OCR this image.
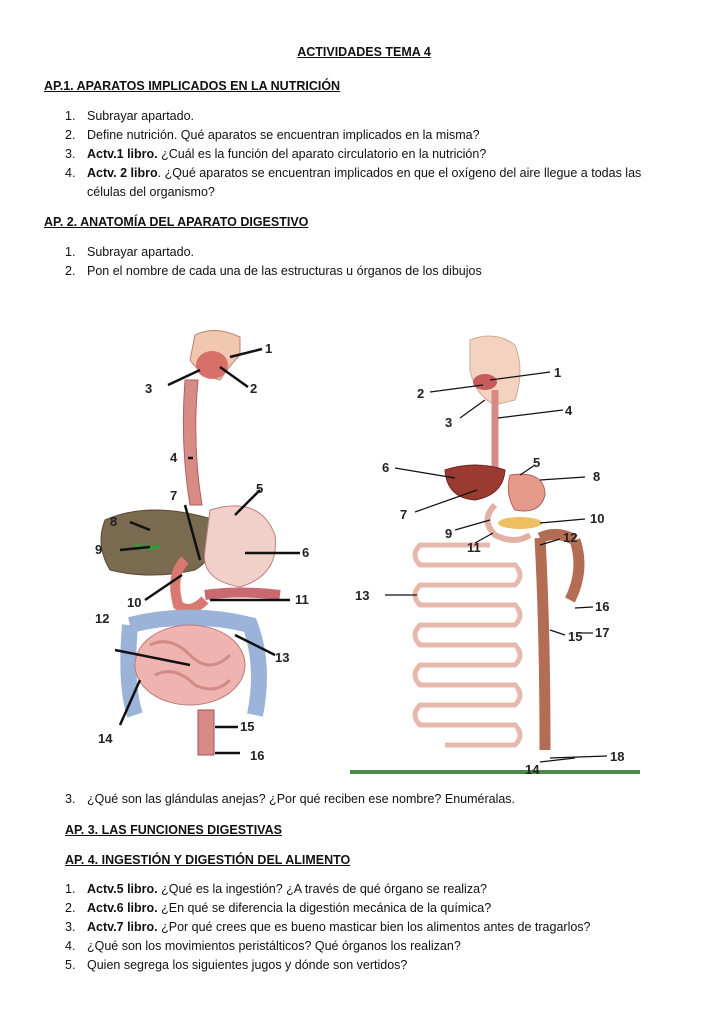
ACTIVIDADES TEMA 4
AP.1. APARATOS IMPLICADOS EN LA NUTRICIÓN
1. Subrayar apartado.
2. Define nutrición. Qué aparatos se encuentran implicados en la misma?
3. Actv.1 libro. ¿Cuál es la función del aparato circulatorio en la nutrición?
4. Actv. 2 libro. ¿Qué aparatos se encuentran implicados en que el oxígeno del aire llegue a todas las células del organismo?
AP. 2. ANATOMÍA DEL APARATO DIGESTIVO
1. Subrayar apartado.
2. Pon el nombre de cada una de las estructuras u órganos de los dibujos
1
2
3
4
5
6
7
8
9
10	11
12
13
14
15
16
1
2
3
4
5
6
7
8
9
10
11
12
13
14
15
16
17
18
3. ¿Qué son las glándulas anejas? ¿Por qué reciben ese nombre? Enuméralas.
AP. 3. LAS FUNCIONES DIGESTIVAS
AP. 4. INGESTIÓN Y DIGESTIÓN DEL ALIMENTO
1. Actv.5 libro. ¿Qué es la ingestión? ¿A través de qué órgano se realiza?
2. Actv.6 libro. ¿En qué se diferencia la digestión mecánica de la química?
3. Actv.7 libro. ¿Por qué crees que es bueno masticar bien los alimentos antes de tragarlos?
4. ¿Qué son los movimientos peristálticos? Qué órganos los realizan?
5. Quien segrega los siguientes jugos y dónde son vertidos?
